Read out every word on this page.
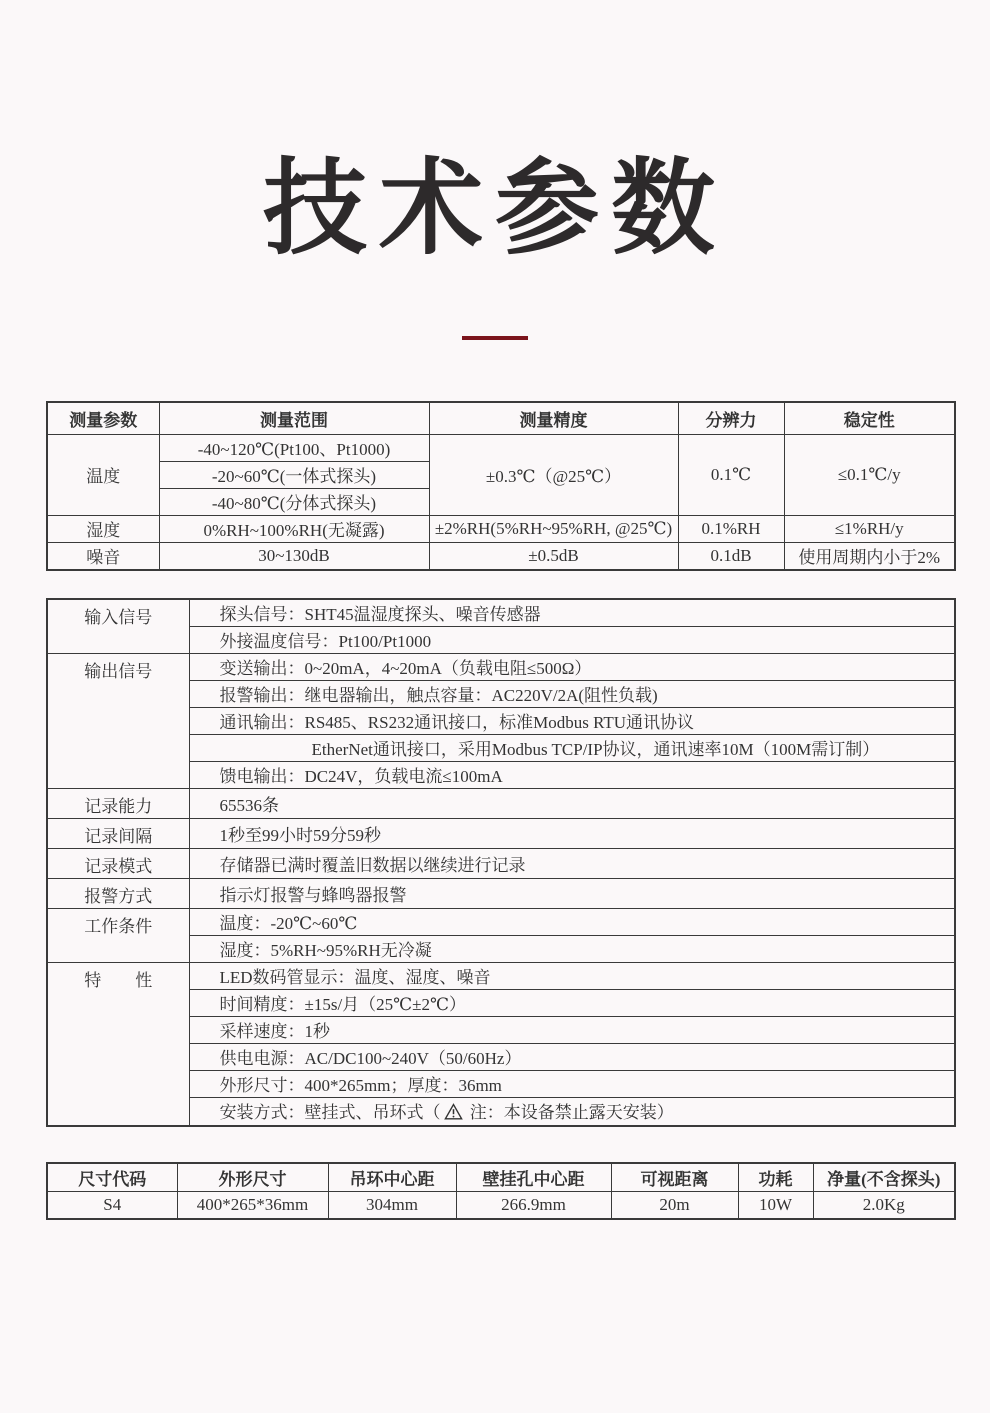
技术参数
测量参数	测量范围	测量精度	分辨力	稳定性
温度	-40~120℃(Pt100、Pt1000)	±0.3℃（@25℃）	0.1℃	≤0.1℃/y
	-20~60℃(一体式探头)			
	-40~80℃(分体式探头)			
湿度	0%RH~100%RH(无凝露)	±2%RH(5%RH~95%RH, @25℃)	0.1%RH	≤1%RH/y
噪音	30~130dB	±0.5dB	0.1dB	使用周期内小于2%
输入信号	探头信号：SHT45温湿度探头、噪音传感器
	外接温度信号：Pt100/Pt1000
输出信号	变送输出：0~20mA，4~20mA（负载电阻≤500Ω）
	报警输出：继电器输出，触点容量：AC220V/2A(阻性负载)
	通讯输出：RS485、RS232通讯接口，标准Modbus RTU通讯协议
	EtherNet通讯接口，采用Modbus TCP/IP协议，通讯速率10M（100M需订制）
	馈电输出：DC24V，负载电流≤100mA
记录能力	65536条
记录间隔	1秒至99小时59分59秒
记录模式	存储器已满时覆盖旧数据以继续进行记录
报警方式	指示灯报警与蜂鸣器报警
工作条件	温度：-20℃~60℃
	湿度：5%RH~95%RH无冷凝
特　　性	LED数码管显示：温度、湿度、噪音
	时间精度：±15s/月（25℃±2℃）
	采样速度：1秒
	供电电源：AC/DC100~240V（50/60Hz）
	外形尺寸：400*265mm；厚度：36mm
	安装方式：壁挂式、吊环式（ 注：本设备禁止露天安装）
尺寸代码	外形尺寸	吊环中心距	壁挂孔中心距	可视距离	功耗	净量(不含探头)
S4	400*265*36mm	304mm	266.9mm	20m	10W	2.0Kg
